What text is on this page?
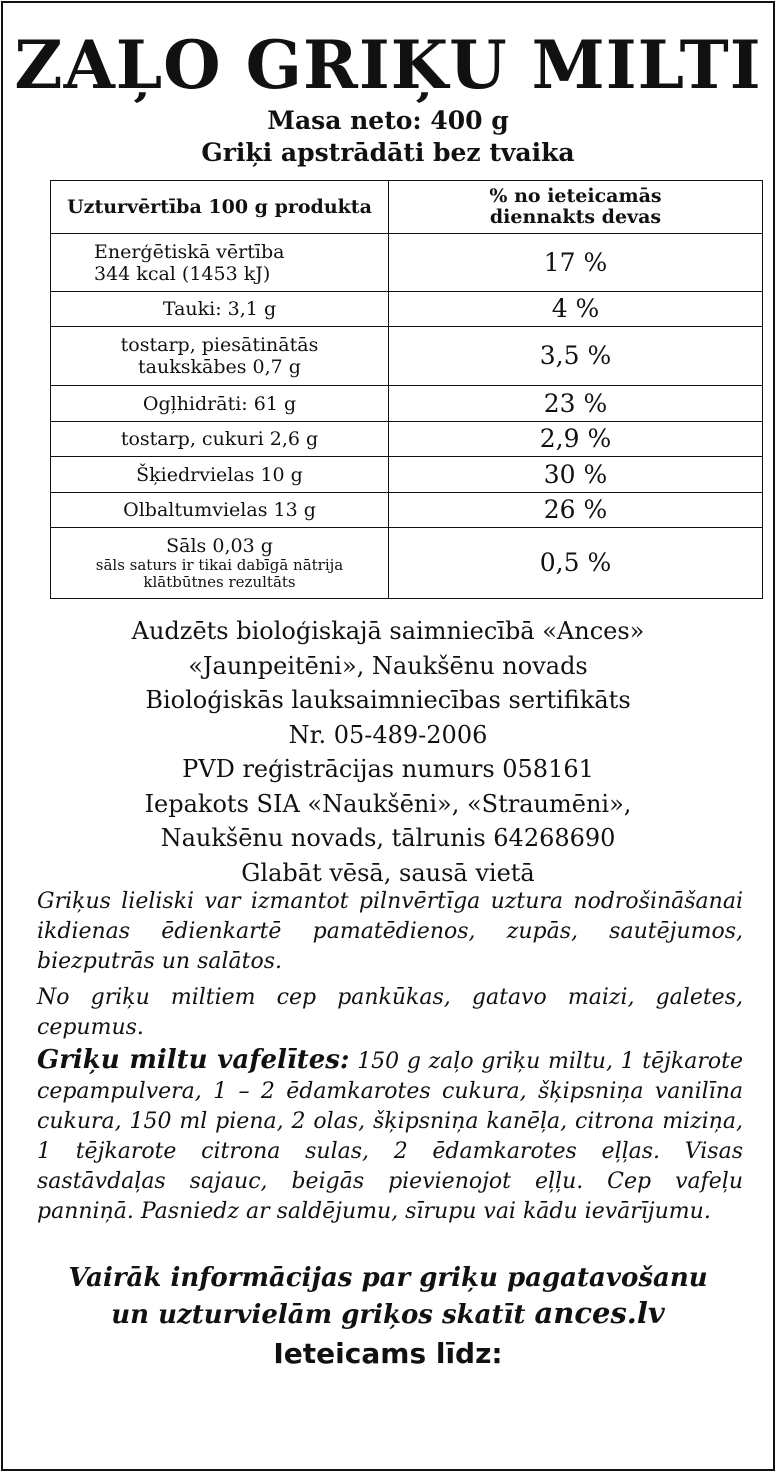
ZAĻO GRIĶU MILTI
Masa neto: 400 g
Griķi apstrādāti bez tvaika
Uzturvērtība 100 g produkta	% no ieteicamās
diennakts devas

Enerģētiskā vērtība
344 kcal (1453 kJ)	17 %
Tauki: 3,1 g	4 %

tostarp, piesātinātās
taukskābes 0,7 g	3,5 %
Ogļhidrāti: 61 g	23 %
tostarp, cukuri 2,6 g	2,9 %
Šķiedrvielas 10 g	30 %
Olbaltumvielas 13 g	26 %

Sāls 0,03 g
sāls saturs ir tikai dabīgā nātrija
klātbūtnes rezultāts	0,5 %
Audzēts bioloģiskajā saimniecībā «Ances»
«Jaunpeitēni», Naukšēnu novads
Bioloģiskās lauksaimniecības sertifikāts
Nr. 05-489-2006
PVD reģistrācijas numurs 058161
Iepakots SIA «Naukšēni», «Straumēni»,
Naukšēnu novads, tālrunis 64268690
Glabāt vēsā, sausā vietā
Griķus lieliski var izmantot pilnvērtīga uztura nodrošināšanai ikdienas ēdienkartē pamatēdienos, zupās, sautējumos, biezputrās un salātos.
No griķu miltiem cep pankūkas, gatavo maizi, galetes, cepumus.
Griķu miltu vafelītes: 150 g zaļo griķu miltu, 1 tējkarote cepampulvera, 1 – 2 ēdamkarotes cukura, šķipsniņa vanilīna cukura, 150 ml piena, 2 olas, šķipsniņa kanēļa, citrona miziņa, 1 tējkarote citrona sulas, 2 ēdamkarotes eļļas. Visas sastāvdaļas sajauc, beigās pievienojot eļļu. Cep vafeļu panniņā. Pasniedz ar saldējumu, sīrupu vai kādu ievārījumu.
Vairāk informācijas par griķu pagatavošanu
un uzturvielām griķos skatīt ances.lv
Ieteicams līdz:
